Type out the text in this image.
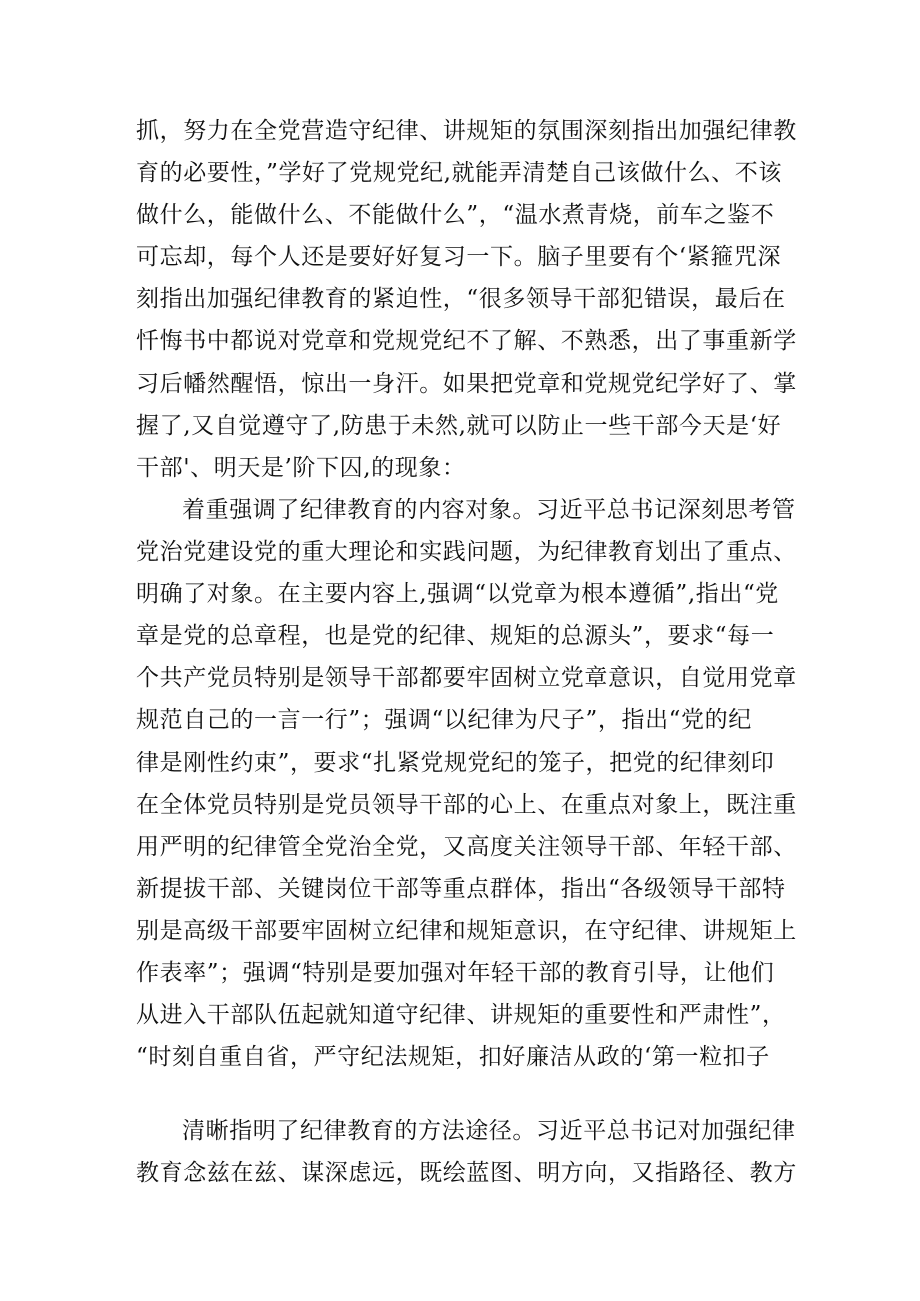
抓，努力在全党营造守纪律、讲规矩的氛围深刻指出加强纪律教
育的必要性，”学好了党规党纪,就能弄清楚自己该做什么、不该
做什么，能做什么、不能做什么”，“温水煮青烧，前车之鉴不
可忘却，每个人还是要好好复习一下。脑子里要有个‘紧箍咒深
刻指出加强纪律教育的紧迫性，“很多领导干部犯错误，最后在
忏悔书中都说对党章和党规党纪不了解、不熟悉，出了事重新学
习后幡然醒悟，惊出一身汗。如果把党章和党规党纪学好了、掌
握了,又自觉遵守了,防患于未然,就可以防止一些干部今天是‘好
干部'、明天是’阶下囚,的现象：
着重强调了纪律教育的内容对象。习近平总书记深刻思考管
党治党建设党的重大理论和实践问题，为纪律教育划出了重点、
明确了对象。在主要内容上,强调“以党章为根本遵循”,指出“党
章是党的总章程，也是党的纪律、规矩的总源头”，要求“每一
个共产党员特别是领导干部都要牢固树立党章意识，自觉用党章
规范自己的一言一行”；强调“以纪律为尺子”，指出“党的纪
律是刚性约束”，要求“扎紧党规党纪的笼子，把党的纪律刻印
在全体党员特别是党员领导干部的心上、在重点对象上，既注重
用严明的纪律管全党治全党，又高度关注领导干部、年轻干部、
新提拔干部、关键岗位干部等重点群体，指出“各级领导干部特
别是高级干部要牢固树立纪律和规矩意识，在守纪律、讲规矩上
作表率”；强调“特别是要加强对年轻干部的教育引导，让他们
从进入干部队伍起就知道守纪律、讲规矩的重要性和严肃性”，
“时刻自重自省，严守纪法规矩，扣好廉洁从政的‘第一粒扣子
清晰指明了纪律教育的方法途径。习近平总书记对加强纪律
教育念兹在兹、谋深虑远，既绘蓝图、明方向，又指路径、教方
